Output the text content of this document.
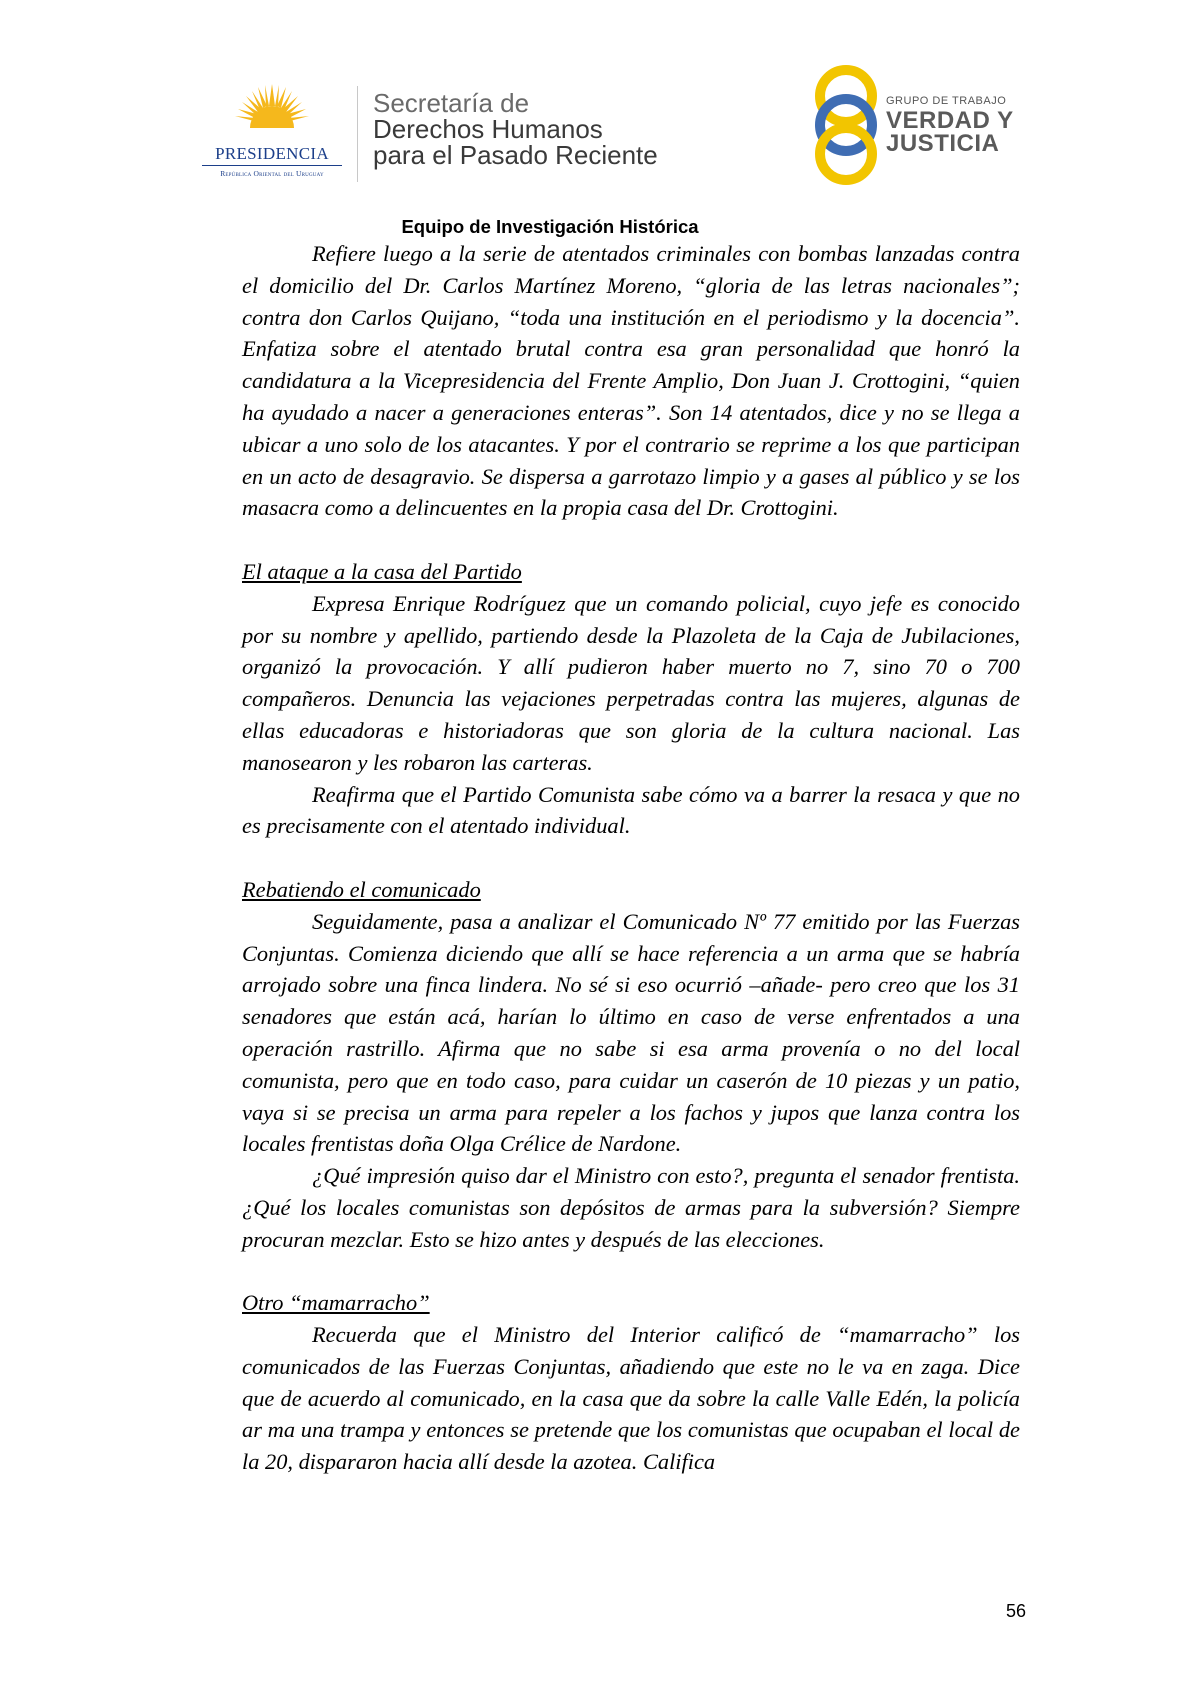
PRESIDENCIA
República Oriental del Uruguay
Secretaría de
Derechos Humanos
para el Pasado Reciente
GRUPO DE TRABAJO
VERDAD Y
JUSTICIA
Equipo de Investigación Histórica

Refiere luego a la serie de atentados criminales con bombas lanzadas contra el domicilio del Dr. Carlos Martínez Moreno, “gloria de las letras nacionales”; contra don Carlos Quijano, “toda una institución en el periodismo y la docencia”. Enfatiza sobre el atentado brutal contra esa gran personalidad que honró la candidatura a la Vicepresidencia del Frente Amplio, Don Juan J. Crottogini, “quien ha ayudado a nacer a generaciones enteras”. Son 14 atentados, dice y no se llega a ubicar a uno solo de los atacantes. Y por el contrario se reprime a los que participan en un acto de desagravio. Se dispersa a garrotazo limpio y a gases al público y se los masacra como a delincuentes en la propia casa del Dr. Crottogini.

El ataque a la casa del Partido

Expresa Enrique Rodríguez que un comando policial, cuyo jefe es conocido por su nombre y apellido, partiendo desde la Plazoleta de la Caja de Jubilaciones, organizó la provocación. Y allí pudieron haber muerto no 7, sino 70 o 700 compañeros. Denuncia las vejaciones perpetradas contra las mujeres, algunas de ellas educadoras e historiadoras que son gloria de la cultura nacional. Las manosearon y les robaron las carteras.

Reafirma que el Partido Comunista sabe cómo va a barrer la resaca y que no es precisamente con el atentado individual.

Rebatiendo el comunicado

Seguidamente, pasa a analizar el Comunicado Nº 77 emitido por las Fuerzas Conjuntas. Comienza diciendo que allí se hace referencia a un arma que se habría arrojado sobre una finca lindera. No sé si eso ocurrió –añade- pero creo que los 31 senadores que están acá, harían lo último en caso de verse enfrentados a una operación rastrillo. Afirma que no sabe si esa arma provenía o no del local comunista, pero que en todo caso, para cuidar un caserón de 10 piezas y un patio, vaya si se precisa un arma para repeler a los fachos y jupos que lanza contra los locales frentistas doña Olga Crélice de Nardone.

¿Qué impresión quiso dar el Ministro con esto?, pregunta el senador frentista. ¿Qué los locales comunistas son depósitos de armas para la subversión? Siempre procuran mezclar. Esto se hizo antes y después de las elecciones.

Otro “mamarracho”

Recuerda que el Ministro del Interior calificó de “mamarracho” los comunicados de las Fuerzas Conjuntas, añadiendo que este no le va en zaga. Dice que de acuerdo al comunicado, en la casa que da sobre la calle Valle Edén, la policía ar ma una trampa y entonces se pretende que los comunistas que ocupaban el local de la 20, dispararon hacia allí desde la azotea. Califica

56
